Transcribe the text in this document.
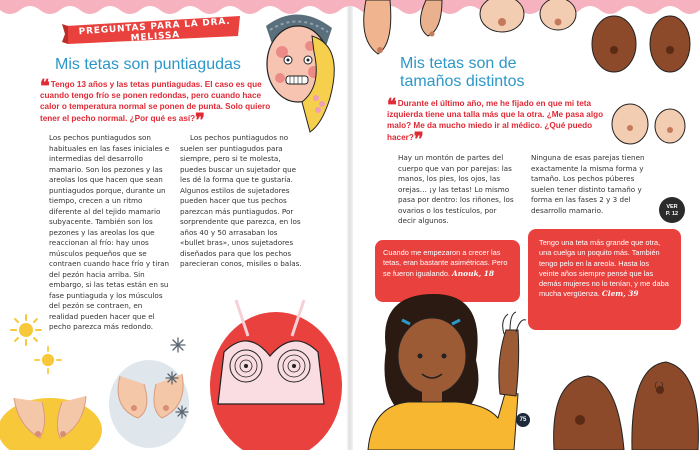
PREGUNTAS PARA LA DRA. MELISSA
Mis tetas son puntiagudas
❝Tengo 13 años y las tetas puntiagudas. El caso es que cuando tengo frío se ponen redondas, pero cuando hace calor o temperatura normal se ponen de punta. Solo quiero tener el pecho normal. ¿Por qué es así?❞
Los pechos puntiagudos son habituales en las fases iniciales e intermedias del desarrollo mamario. Son los pezones y las areolas los que hacen que sean puntiagudos porque, durante un tiempo, crecen a un ritmo diferente al del tejido mamario subyacente. También son los pezones y las areolas los que reaccionan al frío: hay unos músculos pequeños que se contraen cuando hace frío y tiran del pezón hacia arriba. Sin embargo, si las tetas están en su fase puntiaguda y los músculos del pezón se contraen, en realidad pueden hacer que el pecho parezca más redondo.
Los pechos puntiagudos no suelen ser puntiagudos para siempre, pero si te molesta, puedes buscar un sujetador que les dé la forma que te gustaría. Algunos estilos de sujetadores pueden hacer que tus pechos parezcan más puntiagudos. Por sorprendente que parezca, en los años 40 y 50 arrasaban los «bullet bras», unos sujetadores diseñados para que los pechos parecieran conos, misiles o balas.
Mis tetas son de tamaños distintos
❝Durante el último año, me he fijado en que mi teta izquierda tiene una talla más que la otra. ¿Me pasa algo malo? Me da mucho miedo ir al médico. ¿Qué puedo hacer?❞
Hay un montón de partes del cuerpo que van por parejas: las manos, los pies, los ojos, las orejas… ¡y las tetas! Lo mismo pasa por dentro: los riñones, los ovarios o los testículos, por decir algunos.
Ninguna de esas parejas tienen exactamente la misma forma y tamaño. Los pechos púberes suelen tener distinto tamaño y forma en las fases 2 y 3 del desarrollo mamario.	VER
P. 12
Cuando me empezaron a crecer las tetas, eran bastante asimétricas. Pero se fueron igualando. Anouk, 18
Tengo una teta más grande que otra, una cuelga un poquito más. También tengo pelo en la areola. Hasta los veinte años siempre pensé que las demás mujeres no lo tenían, y me daba mucha vergüenza. Clem, 39
75
